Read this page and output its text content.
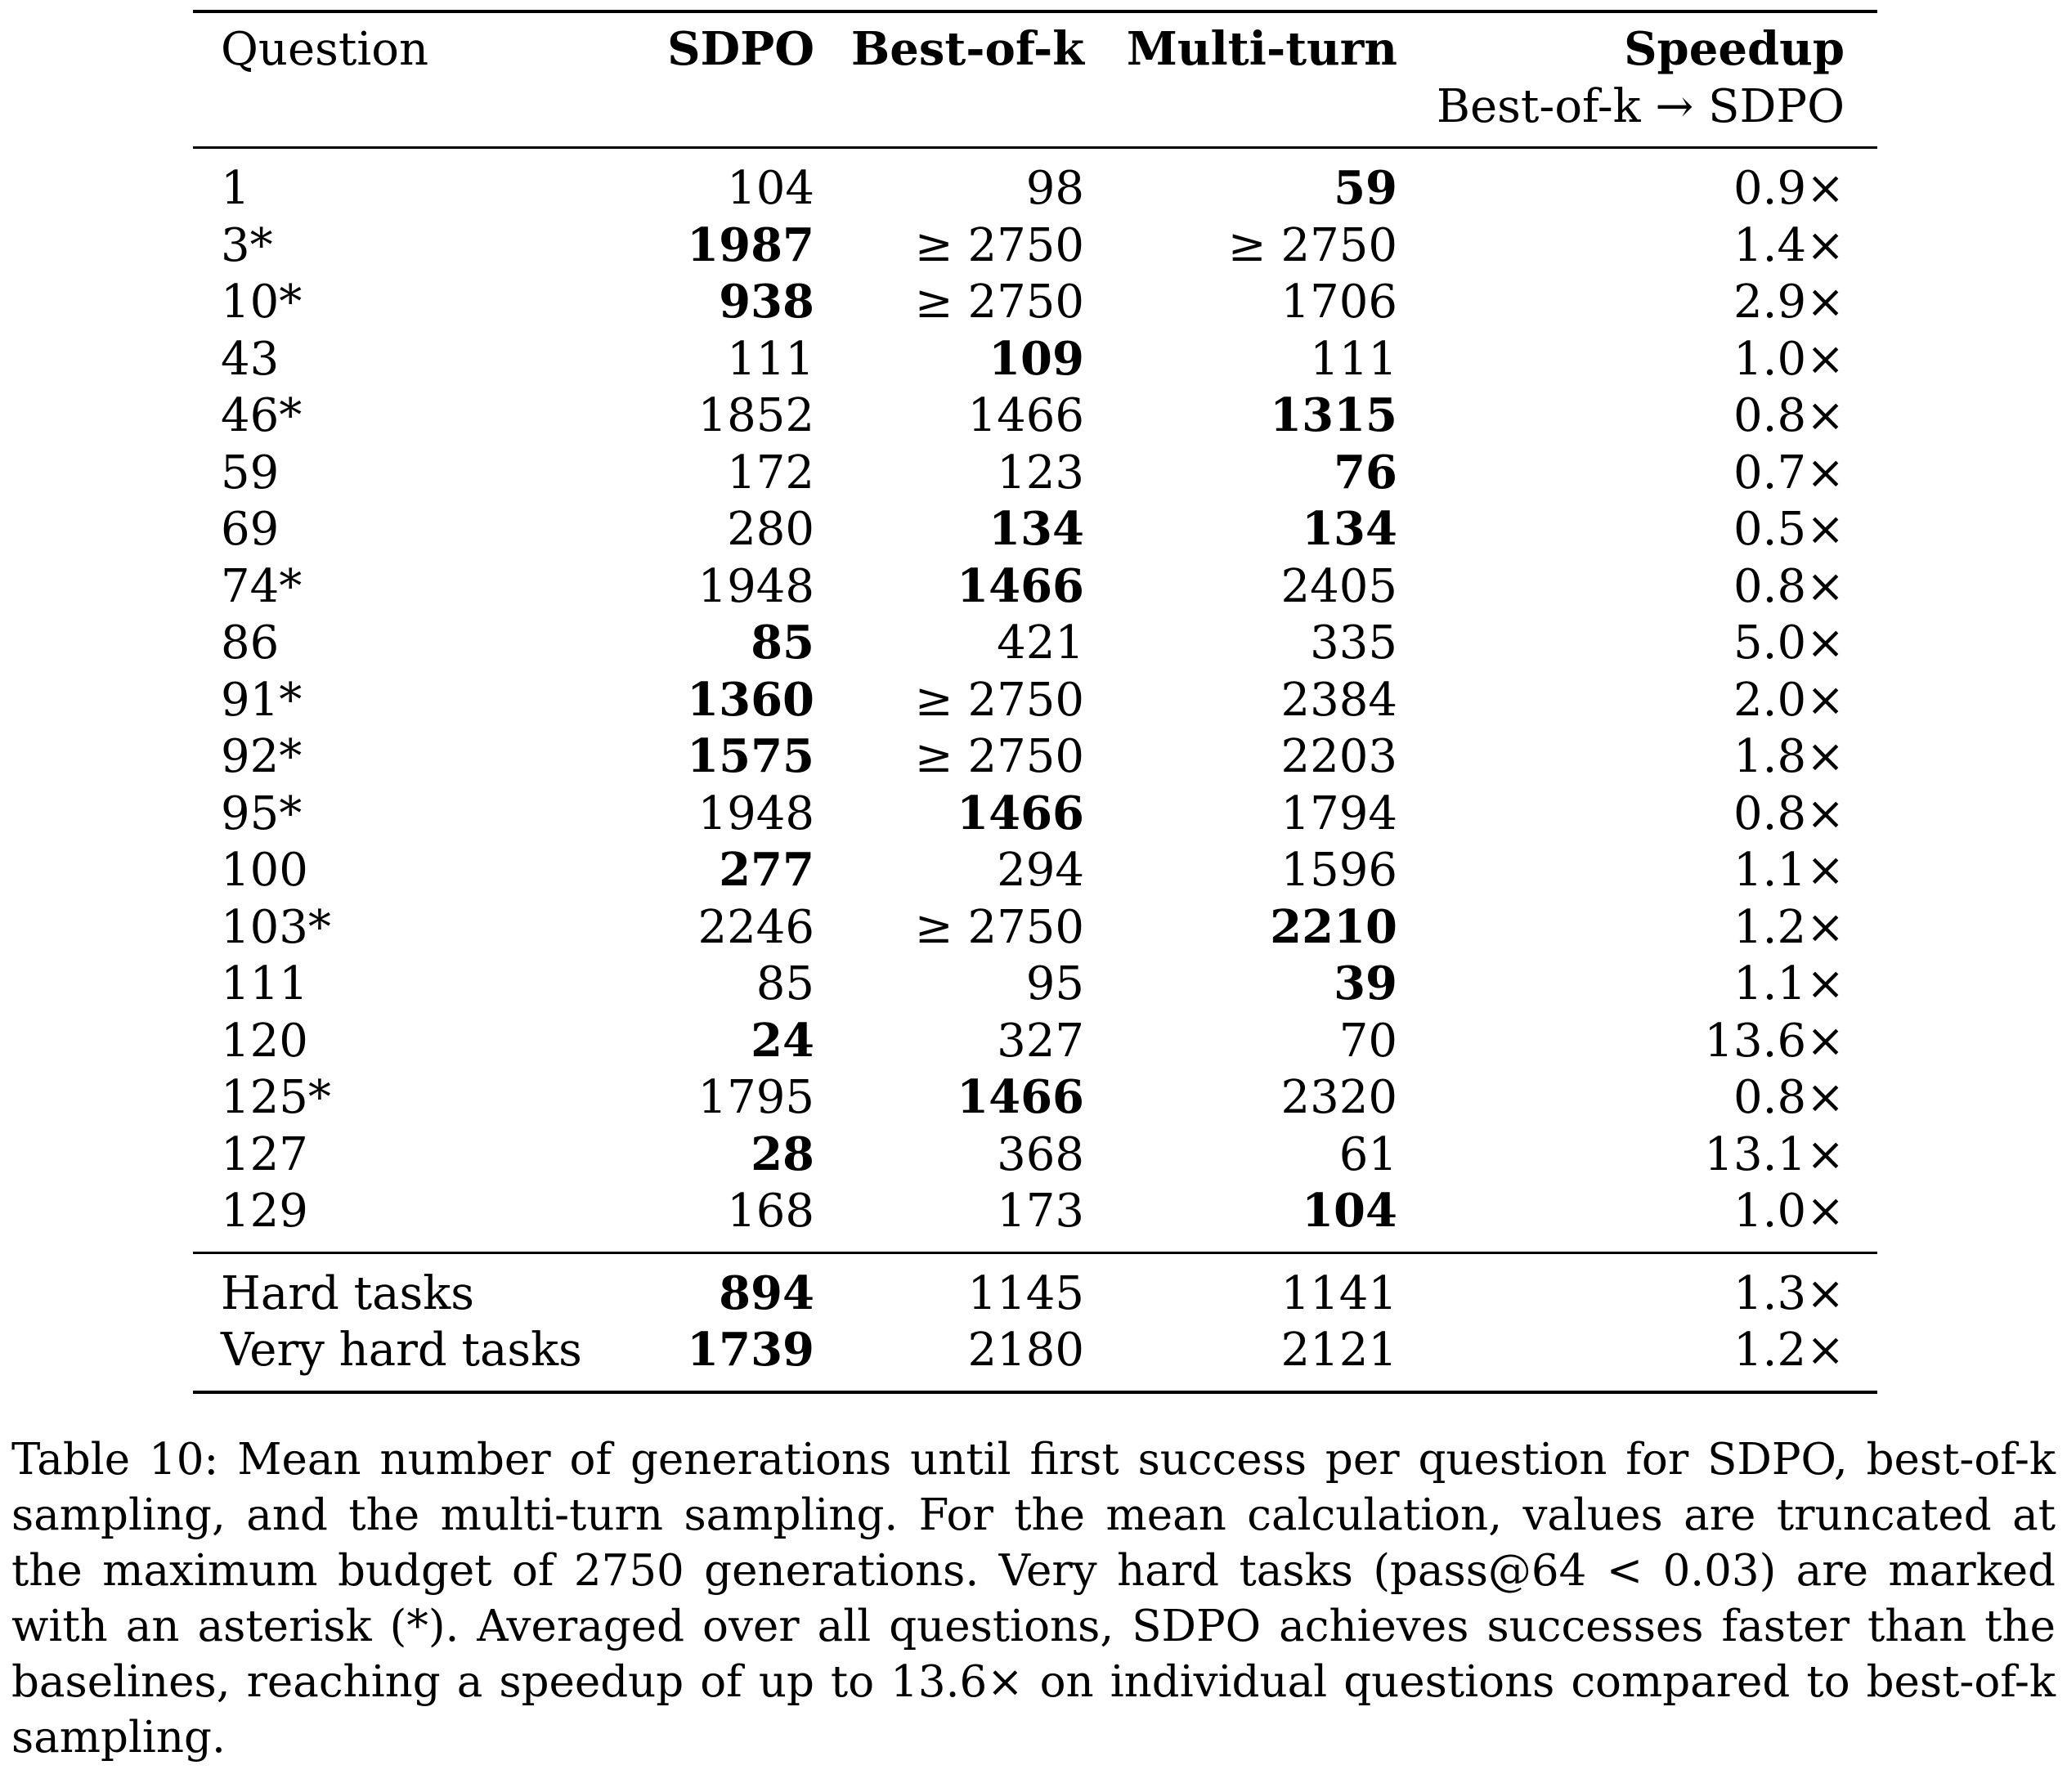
Question	SDPO	Best-of-k	Multi-turn	Speedup
				Best-of-k → SDPO
1	104	98	59	0.9×
3*	1987	≥ 2750	≥ 2750	1.4×
10*	938	≥ 2750	1706	2.9×
43	111	109	111	1.0×
46*	1852	1466	1315	0.8×
59	172	123	76	0.7×
69	280	134	134	0.5×
74*	1948	1466	2405	0.8×
86	85	421	335	5.0×
91*	1360	≥ 2750	2384	2.0×
92*	1575	≥ 2750	2203	1.8×
95*	1948	1466	1794	0.8×
100	277	294	1596	1.1×
103*	2246	≥ 2750	2210	1.2×
111	85	95	39	1.1×
120	24	327	70	13.6×
125*	1795	1466	2320	0.8×
127	28	368	61	13.1×
129	168	173	104	1.0×
Hard tasks	894	1145	1141	1.3×
Very hard tasks	1739	2180	2121	1.2×
Table 10: Mean number of generations until first success per question for SDPO, best-of-k sampling, and the multi-turn sampling. For the mean calculation, values are truncated at the maximum budget of 2750 generations. Very hard tasks (pass@64 < 0.03) are marked with an asterisk (*). Averaged over all questions, SDPO achieves successes faster than the baselines, reaching a speedup of up to 13.6× on individual questions compared to best-of-k sampling.
